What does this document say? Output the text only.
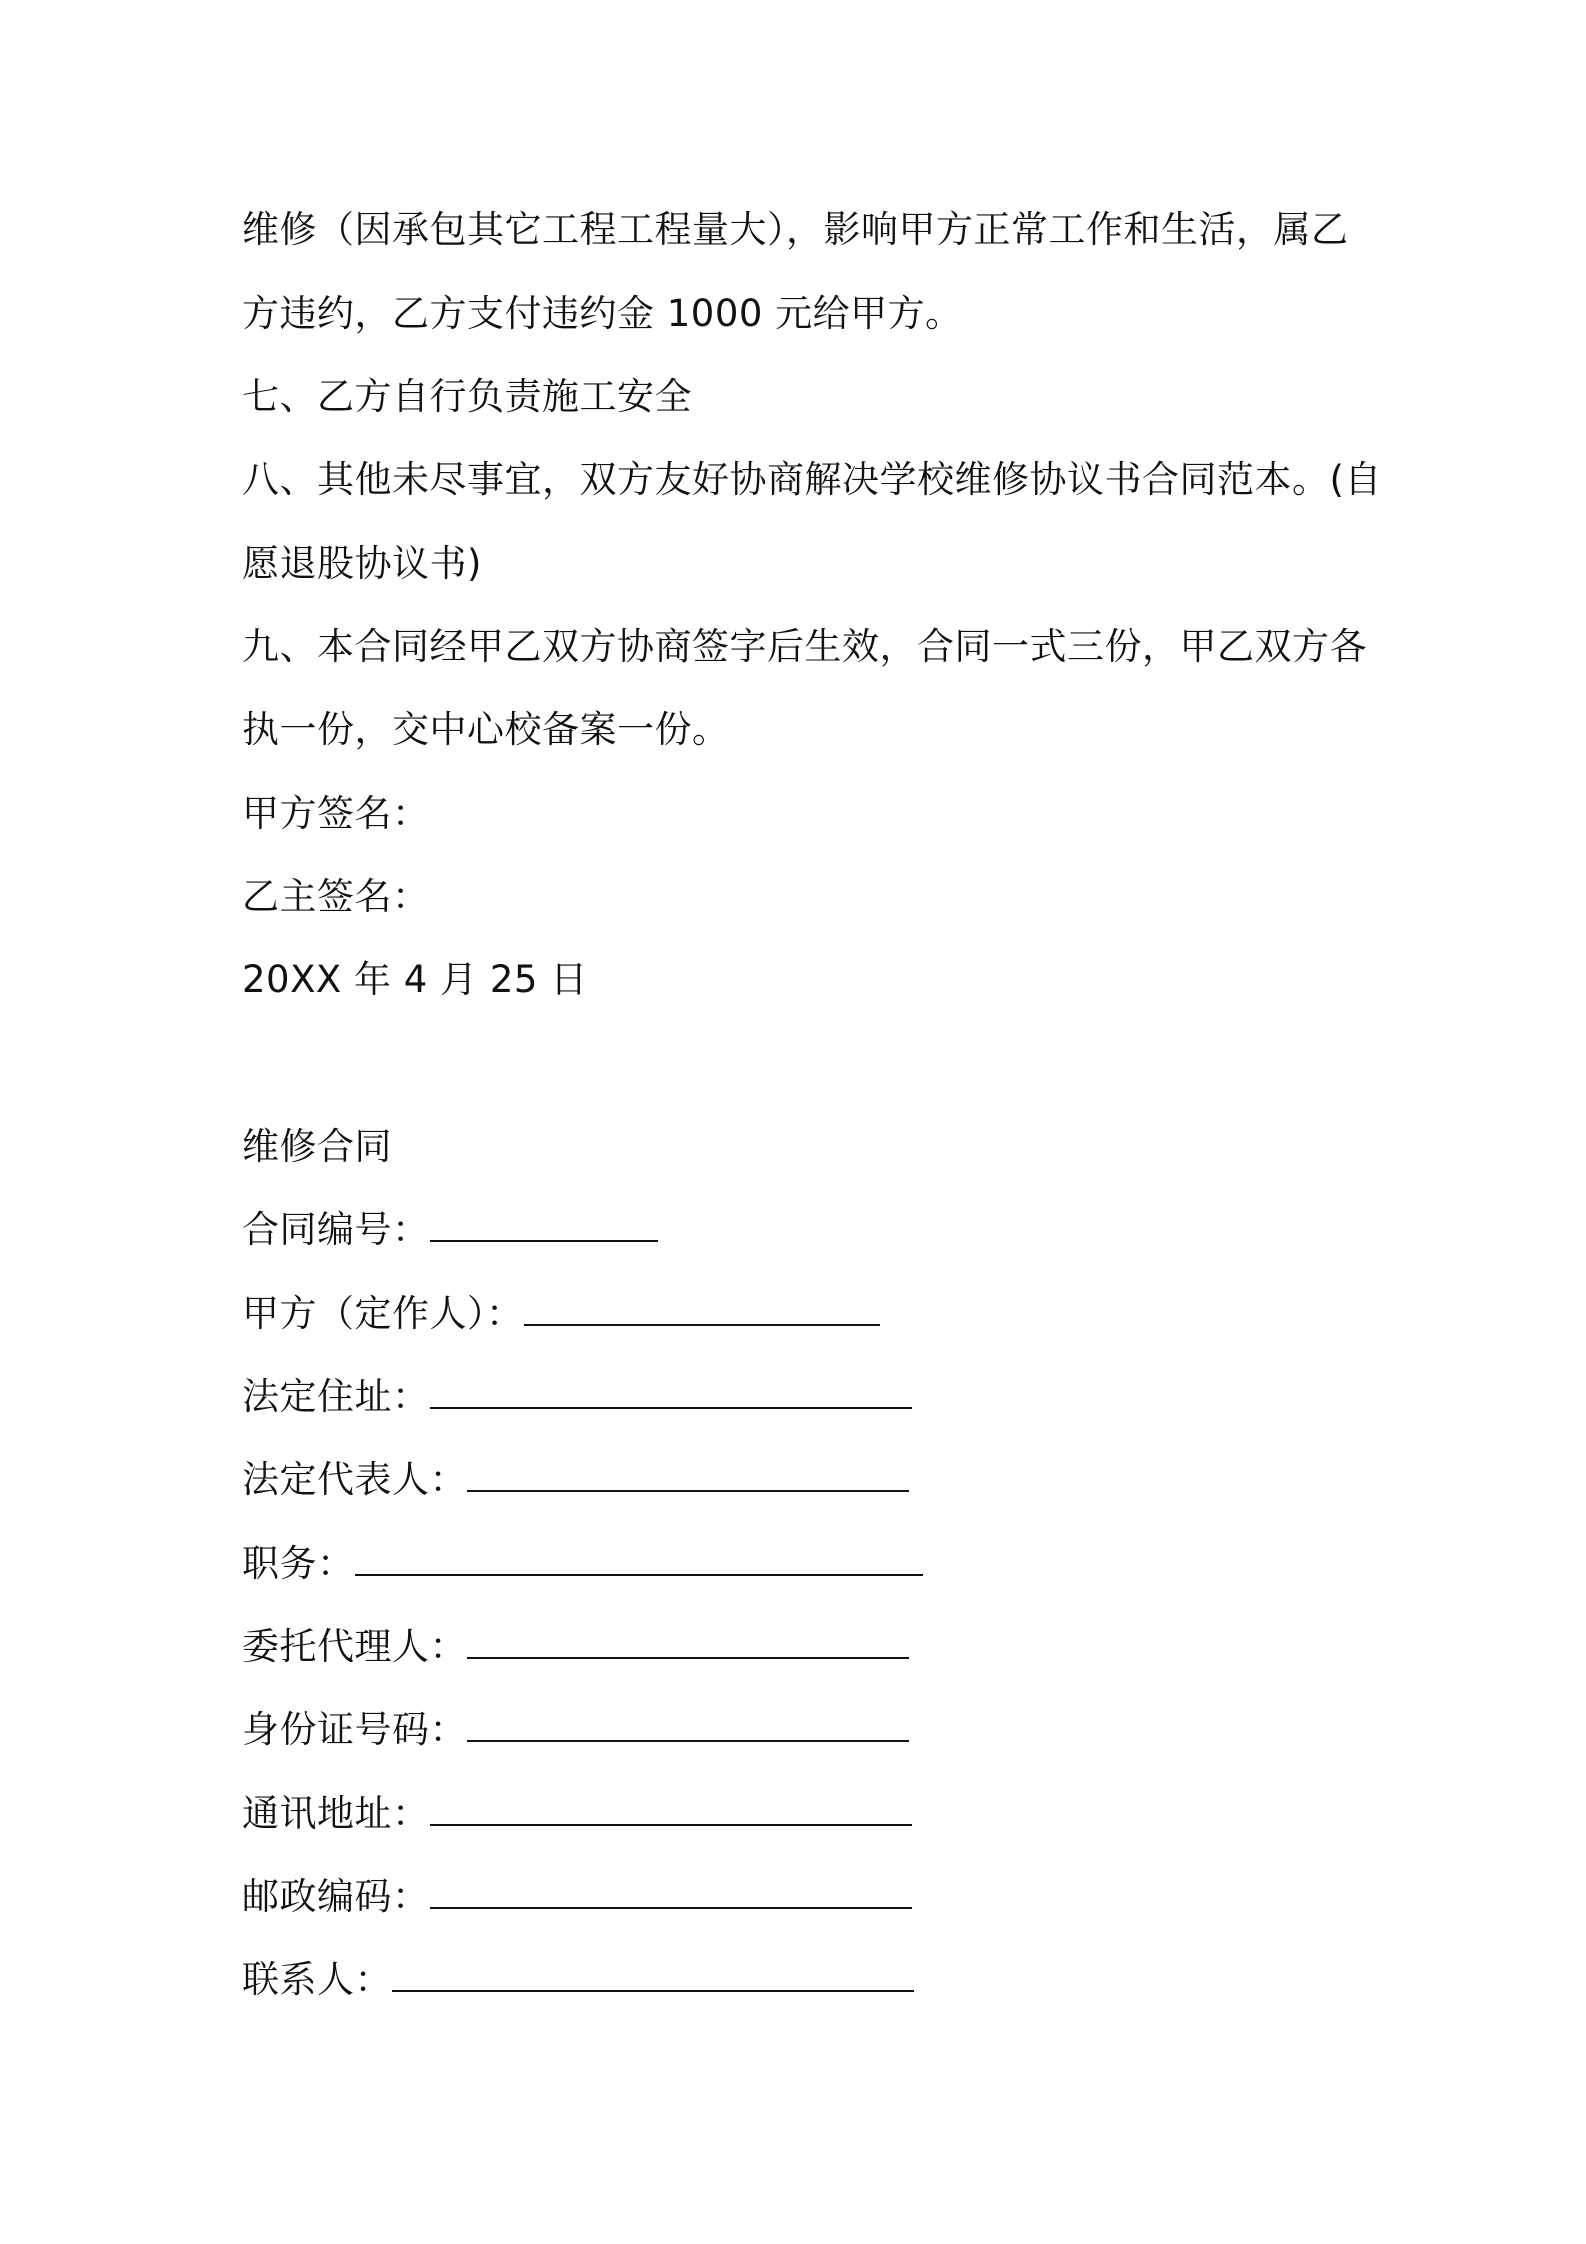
维修（因承包其它工程工程量大），影响甲方正常工作和生活，属乙
方违约，乙方支付违约金 1000 元给甲方。
七、乙方自行负责施工安全
八、其他未尽事宜，双方友好协商解决学校维修协议书合同范本。(自
愿退股协议书)
九、本合同经甲乙双方协商签字后生效，合同一式三份，甲乙双方各
执一份，交中心校备案一份。
甲方签名：
乙主签名：
20XX 年 4 月 25 日
维修合同
合同编号：
甲方（定作人）：
法定住址：
法定代表人：
职务：
委托代理人：
身份证号码：
通讯地址：
邮政编码：
联系人：
